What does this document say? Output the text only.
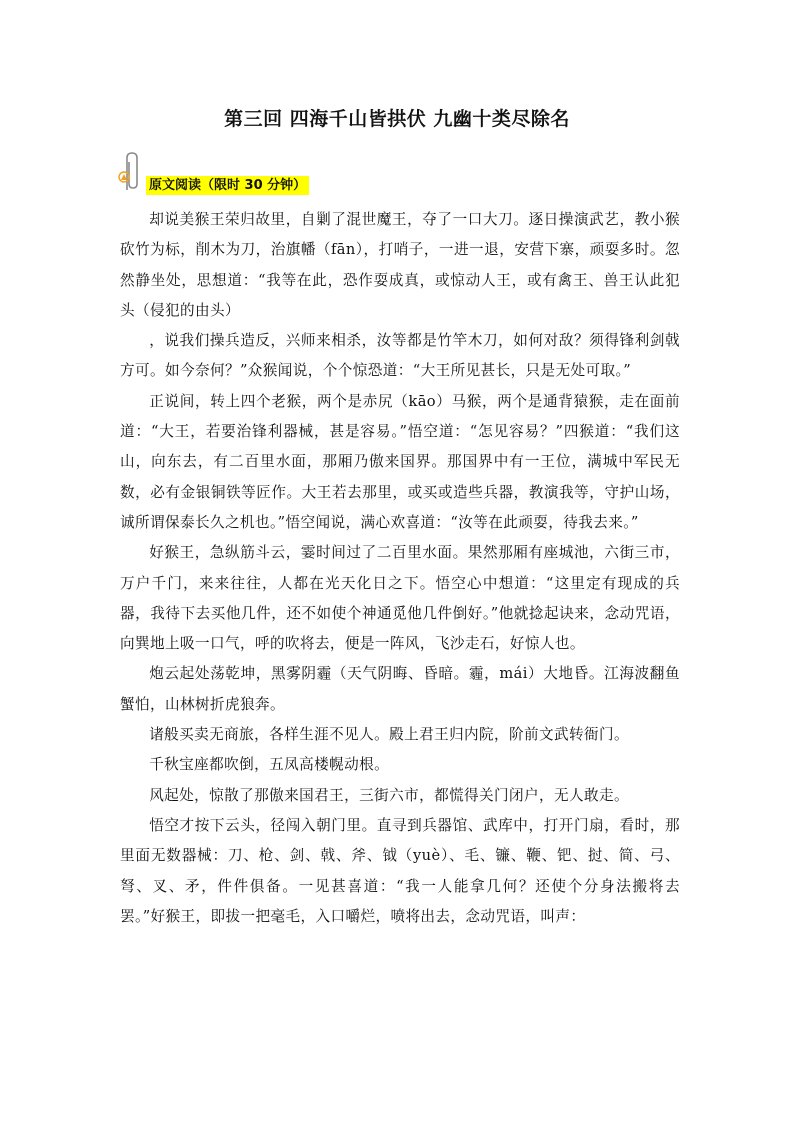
第三回 四海千山皆拱伏 九幽十类尽除名
原文阅读（限时 30 分钟）

却说美猴王荣归故里，自剿了混世魔王，夺了一口大刀。逐日操演武艺，教小猴砍竹为标，削木为刀，治旗幡（fān），打哨子，一进一退，安营下寨，顽耍多时。忽然静坐处，思想道：“我等在此，恐作耍成真，或惊动人王，或有禽王、兽王认此犯头（侵犯的由头）

，说我们操兵造反，兴师来相杀，汝等都是竹竿木刀，如何对敌？须得锋利剑戟方可。如今奈何？”众猴闻说，个个惊恐道：“大王所见甚长，只是无处可取。”

正说间，转上四个老猴，两个是赤尻（kāo）马猴，两个是通背猿猴，走在面前道：“大王，若要治锋利器械，甚是容易。”悟空道：“怎见容易？”四猴道：“我们这山，向东去，有二百里水面，那厢乃傲来国界。那国界中有一王位，满城中军民无数，必有金银铜铁等匠作。大王若去那里，或买或造些兵器，教演我等，守护山场，诚所谓保泰长久之机也。”悟空闻说，满心欢喜道：“汝等在此顽耍，待我去来。”

好猴王，急纵筋斗云，霎时间过了二百里水面。果然那厢有座城池，六街三市，万户千门，来来往往，人都在光天化日之下。悟空心中想道：“这里定有现成的兵器，我待下去买他几件，还不如使个神通觅他几件倒好。”他就捻起诀来，念动咒语，向巽地上吸一口气，呼的吹将去，便是一阵风，飞沙走石，好惊人也。

炮云起处荡乾坤，黑雾阴霾（天气阴晦、昏暗。霾，mái）大地昏。江海波翻鱼蟹怕，山林树折虎狼奔。

诸般买卖无商旅，各样生涯不见人。殿上君王归内院，阶前文武转衙门。

千秋宝座都吹倒，五凤高楼幌动根。

风起处，惊散了那傲来国君王，三街六市，都慌得关门闭户，无人敢走。

悟空才按下云头，径闯入朝门里。直寻到兵器馆、武库中，打开门扇，看时，那里面无数器械：刀、枪、剑、戟、斧、钺（yuè）、毛、镰、鞭、钯、挝、简、弓、弩、叉、矛，件件俱备。一见甚喜道：“我一人能拿几何？还使个分身法搬将去罢。”好猴王，即拔一把毫毛，入口嚼烂，喷将出去，念动咒语，叫声：
